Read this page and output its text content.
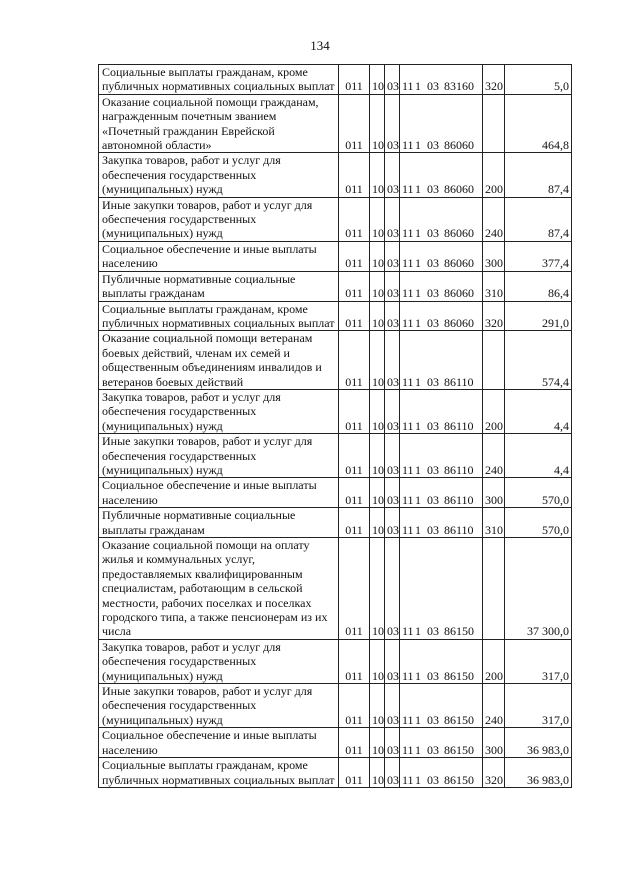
134
Социальные выплаты гражданам, кроме публичных нормативных социальных выплат	011	10	03	111 03 83160	320	5,0
Оказание социальной помощи гражданам, награжденным почетным званием «Почетный гражданин Еврейской автономной области»	011	10	03	111 03 86060		464,8
Закупка товаров, работ и услуг для обеспечения государственных (муниципальных) нужд	011	10	03	111 03 86060	200	87,4
Иные закупки товаров, работ и услуг для обеспечения государственных (муниципальных) нужд	011	10	03	111 03 86060	240	87,4
Социальное обеспечение и иные выплаты населению	011	10	03	111 03 86060	300	377,4
Публичные нормативные социальные выплаты гражданам	011	10	03	111 03 86060	310	86,4
Социальные выплаты гражданам, кроме публичных нормативных социальных выплат	011	10	03	111 03 86060	320	291,0
Оказание социальной помощи ветеранам боевых действий, членам их семей и общественным объединениям инвалидов и ветеранов боевых действий	011	10	03	111 03 86110		574,4
Закупка товаров, работ и услуг для обеспечения государственных (муниципальных) нужд	011	10	03	111 03 86110	200	4,4
Иные закупки товаров, работ и услуг для обеспечения государственных (муниципальных) нужд	011	10	03	111 03 86110	240	4,4
Социальное обеспечение и иные выплаты населению	011	10	03	111 03 86110	300	570,0
Публичные нормативные социальные выплаты гражданам	011	10	03	111 03 86110	310	570,0
Оказание социальной помощи на оплату жилья и коммунальных услуг, предоставляемых квалифицированным специалистам, работающим в сельской местности, рабочих поселках и поселках городского типа, а также пенсионерам из их числа	011	10	03	111 03 86150		37 300,0
Закупка товаров, работ и услуг для обеспечения государственных (муниципальных) нужд	011	10	03	111 03 86150	200	317,0
Иные закупки товаров, работ и услуг для обеспечения государственных (муниципальных) нужд	011	10	03	111 03 86150	240	317,0
Социальное обеспечение и иные выплаты населению	011	10	03	111 03 86150	300	36 983,0
Социальные выплаты гражданам, кроме публичных нормативных социальных выплат	011	10	03	111 03 86150	320	36 983,0
